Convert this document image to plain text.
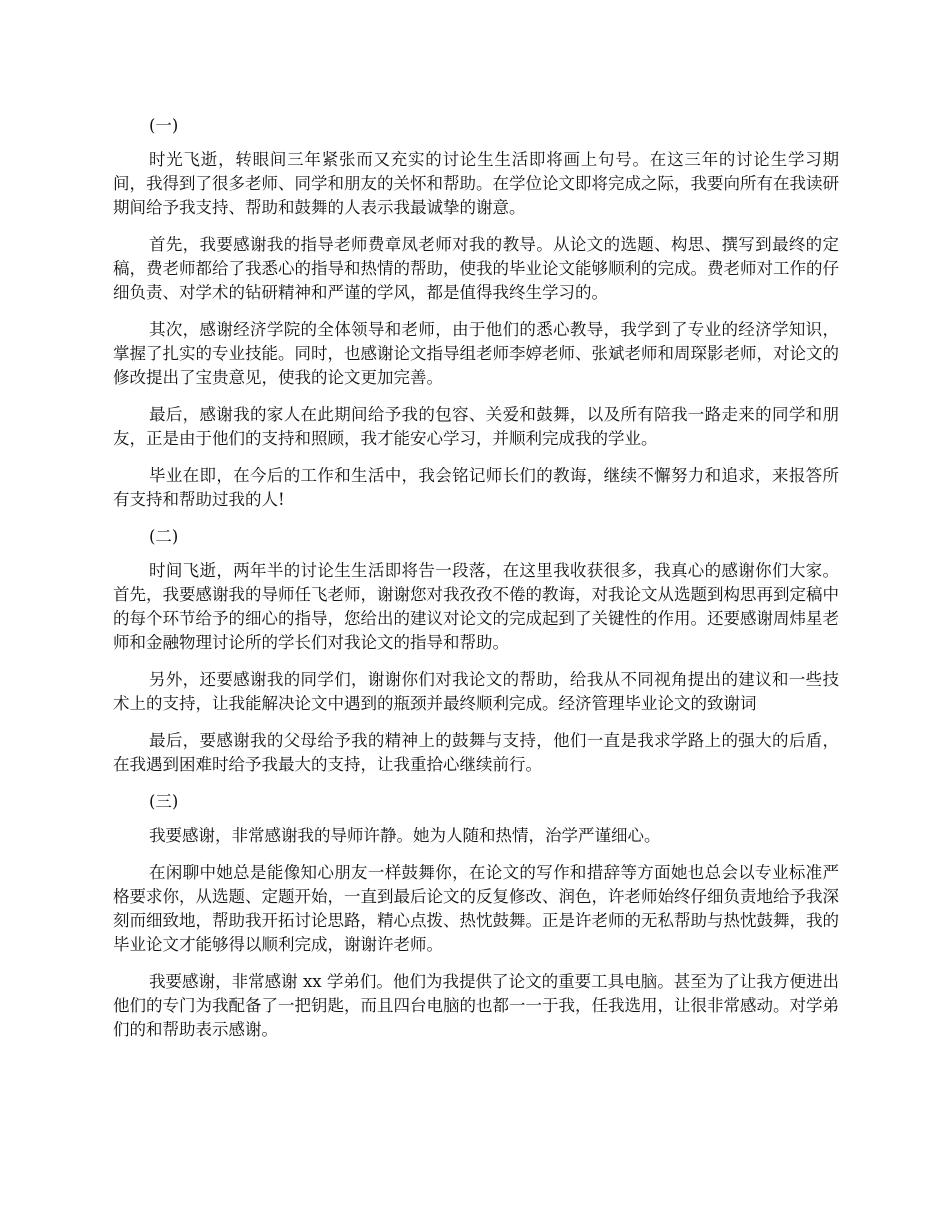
(一)

时光飞逝，转眼间三年紧张而又充实的讨论生生活即将画上句号。在这三年的讨论生学习期间，我得到了很多老师、同学和朋友的关怀和帮助。在学位论文即将完成之际，我要向所有在我读研期间给予我支持、帮助和鼓舞的人表示我最诚挚的谢意。

首先，我要感谢我的指导老师费章凤老师对我的教导。从论文的选题、构思、撰写到最终的定稿，费老师都给了我悉心的指导和热情的帮助，使我的毕业论文能够顺利的完成。费老师对工作的仔细负责、对学术的钻研精神和严谨的学风，都是值得我终生学习的。

其次，感谢经济学院的全体领导和老师，由于他们的悉心教导，我学到了专业的经济学知识，掌握了扎实的专业技能。同时，也感谢论文指导组老师李婷老师、张斌老师和周琛影老师，对论文的修改提出了宝贵意见，使我的论文更加完善。

最后，感谢我的家人在此期间给予我的包容、关爱和鼓舞，以及所有陪我一路走来的同学和朋友，正是由于他们的支持和照顾，我才能安心学习，并顺利完成我的学业。

毕业在即，在今后的工作和生活中，我会铭记师长们的教诲，继续不懈努力和追求，来报答所有支持和帮助过我的人!

(二)

时间飞逝，两年半的讨论生生活即将告一段落，在这里我收获很多，我真心的感谢你们大家。首先，我要感谢我的导师任飞老师，谢谢您对我孜孜不倦的教诲，对我论文从选题到构思再到定稿中的每个环节给予的细心的指导，您给出的建议对论文的完成起到了关键性的作用。还要感谢周炜星老师和金融物理讨论所的学长们对我论文的指导和帮助。

另外，还要感谢我的同学们，谢谢你们对我论文的帮助，给我从不同视角提出的建议和一些技术上的支持，让我能解决论文中遇到的瓶颈并最终顺利完成。经济管理毕业论文的致谢词

最后，要感谢我的父母给予我的精神上的鼓舞与支持，他们一直是我求学路上的强大的后盾，在我遇到困难时给予我最大的支持，让我重拾心继续前行。

(三)

我要感谢，非常感谢我的导师许静。她为人随和热情，治学严谨细心。

在闲聊中她总是能像知心朋友一样鼓舞你，在论文的写作和措辞等方面她也总会以专业标准严格要求你，从选题、定题开始，一直到最后论文的反复修改、润色，许老师始终仔细负责地给予我深刻而细致地，帮助我开拓讨论思路，精心点拨、热忱鼓舞。正是许老师的无私帮助与热忱鼓舞，我的毕业论文才能够得以顺利完成，谢谢许老师。

我要感谢，非常感谢 xx 学弟们。他们为我提供了论文的重要工具电脑。甚至为了让我方便进出他们的专门为我配备了一把钥匙，而且四台电脑的也都一一于我，任我选用，让很非常感动。对学弟们的和帮助表示感谢。
